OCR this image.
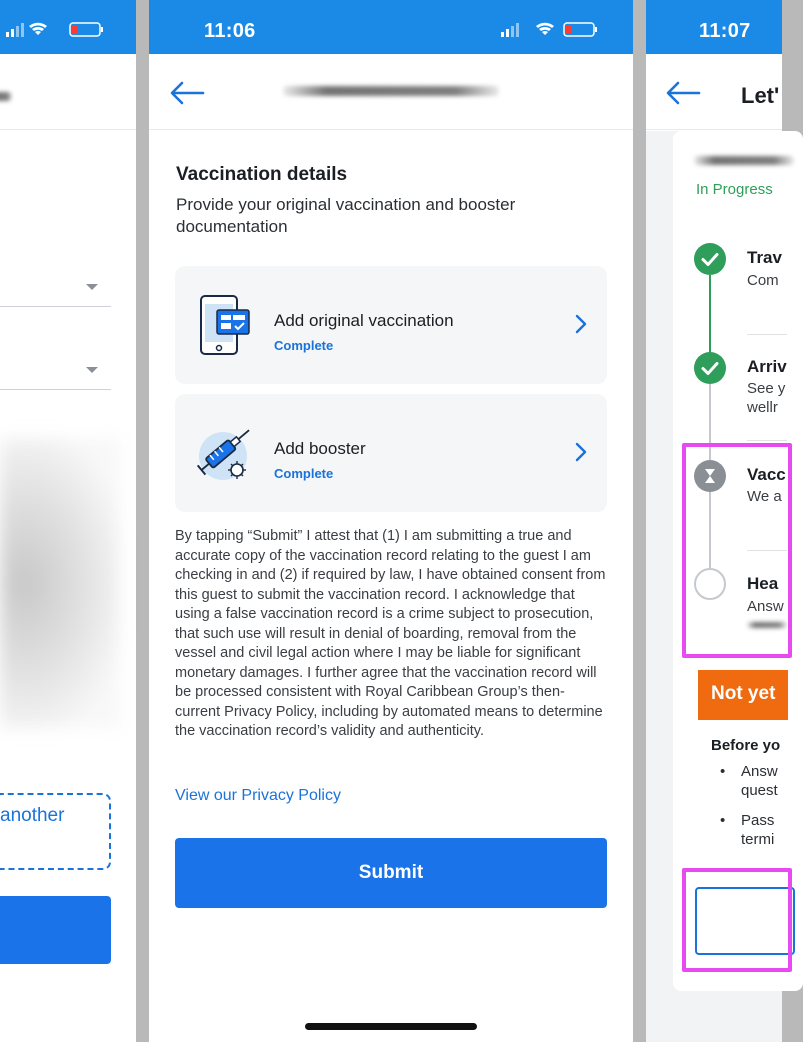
another
11:06
Vaccination details
Provide your original vaccination and booster documentation
Add original vaccination
Complete
Add booster
Complete
By tapping “Submit” I attest that (1) I am submitting a true and accurate copy of the vaccination record relating to the guest I am checking in and (2) if required by law, I have obtained consent from this guest to submit the vaccination record. I acknowledge that using a false vaccination record is a crime subject to prosecution, that such use will result in denial of boarding, removal from the vessel and civil legal action where I may be liable for significant monetary damages. I further agree that the vaccination record will be processed consistent with Royal Caribbean Group’s then-current Privacy Policy, including by automated means to determine the vaccination record’s validity and authenticity.
View our Privacy Policy
Submit
11:07
Let'
In Progress
Trav
Com
Arriv
See y
wellr
Vacc
We a
Hea
Answ
Not yet
Before yo
• Answ
quest
• Pass
termi
